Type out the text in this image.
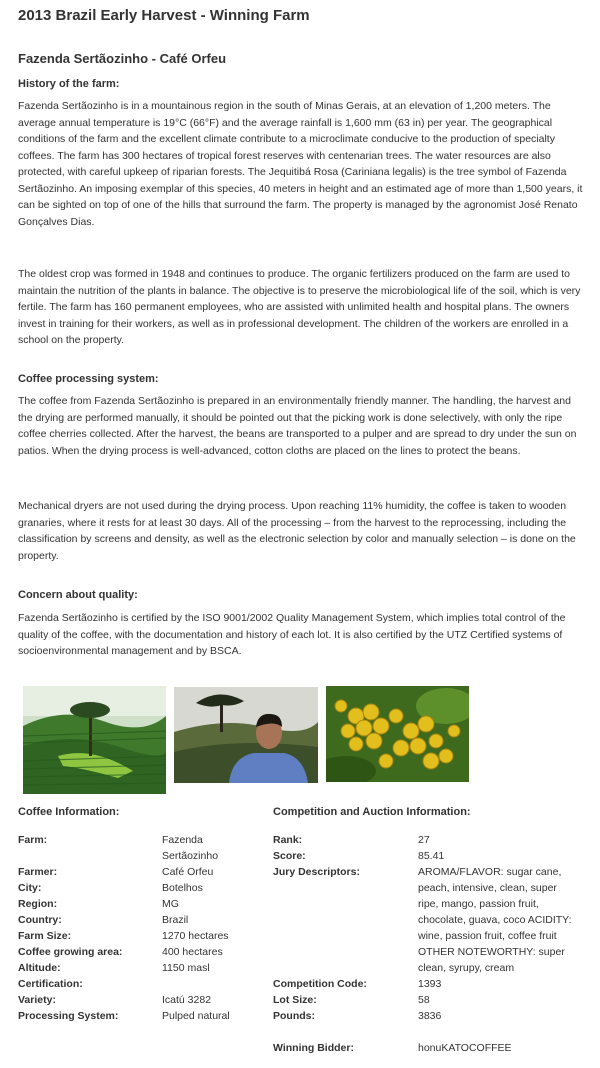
2013 Brazil Early Harvest - Winning Farm
Fazenda Sertãozinho - Café Orfeu

History of the farm:

Fazenda Sertãozinho is in a mountainous region in the south of Minas Gerais, at an elevation of 1,200 meters. The average annual temperature is 19°C (66°F) and the average rainfall is 1,600 mm (63 in) per year. The geographical conditions of the farm and the excellent climate contribute to a microclimate conducive to the production of specialty coffees. The farm has 300 hectares of tropical forest reserves with centenarian trees. The water resources are also protected, with careful upkeep of riparian forests. The Jequitibá Rosa (Cariniana legalis) is the tree symbol of Fazenda Sertãozinho. An imposing exemplar of this species, 40 meters in height and an estimated age of more than 1,500 years, it can be sighted on top of one of the hills that surround the farm. The property is managed by the agronomist José Renato Gonçalves Dias.

The oldest crop was formed in 1948 and continues to produce. The organic fertilizers produced on the farm are used to maintain the nutrition of the plants in balance. The objective is to preserve the microbiological life of the soil, which is very fertile. The farm has 160 permanent employees, who are assisted with unlimited health and hospital plans. The owners invest in training for their workers, as well as in professional development. The children of the workers are enrolled in a school on the property.

Coffee processing system:

The coffee from Fazenda Sertãozinho is prepared in an environmentally friendly manner. The handling, the harvest and the drying are performed manually, it should be pointed out that the picking work is done selectively, with only the ripe coffee cherries collected. After the harvest, the beans are transported to a pulper and are spread to dry under the sun on patios. When the drying process is well-advanced, cotton cloths are placed on the lines to protect the beans.

Mechanical dryers are not used during the drying process. Upon reaching 11% humidity, the coffee is taken to wooden granaries, where it rests for at least 30 days. All of the processing – from the harvest to the reprocessing, including the classification by screens and density, as well as the electronic selection by color and manually selection – is done on the property.

Concern about quality:

Fazenda Sertãozinho is certified by the ISO 9001/2002 Quality Management System, which implies total control of the quality of the coffee, with the documentation and history of each lot. It is also certified by the UTZ Certified systems of socioenvironmental management and by BSCA.

Coffee Information:	Competition and Auction Information:

Farm:	Fazenda Sertãozinho
Farmer:	Café Orfeu
City:	Botelhos
Region:	MG
Country:	Brazil
Farm Size:	1270 hectares
Coffee growing area:	400 hectares
Altitude:	1150 masl
Certification:
Variety:	Icatú 3282
Processing System:	Pulped natural
Rank:	27
Score:	85.41
Jury Descriptors:	AROMA/FLAVOR: sugar cane, peach, intensive, clean, super ripe, mango, passion fruit, chocolate, guava, coco ACIDITY: wine, passion fruit, coffee fruit OTHER NOTEWORTHY: super clean, syrupy, cream
Competition Code:	1393
Lot Size:	58
Pounds:	3836
Winning Bidder:	honuKATOCOFFEE
